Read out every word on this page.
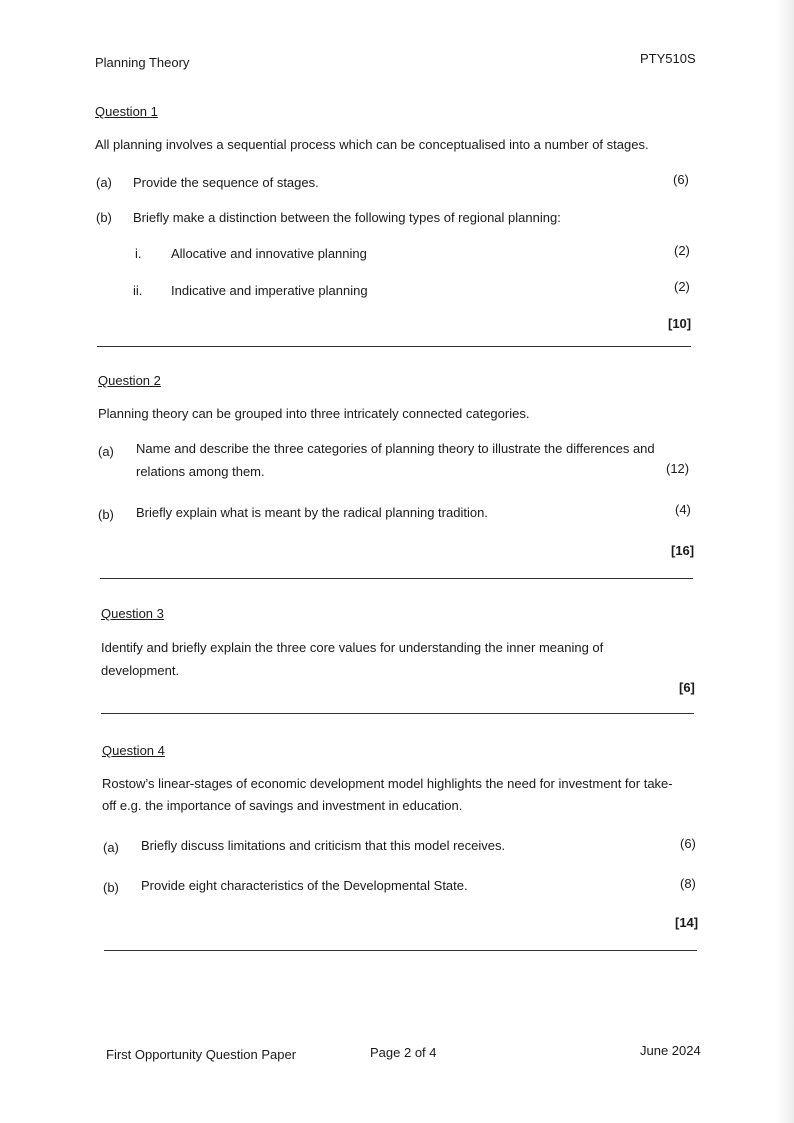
Planning Theory	PTY510S
Question 1
All planning involves a sequential process which can be conceptualised into a number of stages.
(a) Provide the sequence of stages.	(6)
(b) Briefly make a distinction between the following types of regional planning:
i. Allocative and innovative planning	(2)
ii. Indicative and imperative planning	(2)
[10]
Question 2
Planning theory can be grouped into three intricately connected categories.
(a) Name and describe the three categories of planning theory to illustrate the differences and
relations among them.	(12)
(b) Briefly explain what is meant by the radical planning tradition.	(4)
[16]
Question 3
Identify and briefly explain the three core values for understanding the inner meaning of
development.
[6]
Question 4
Rostow’s linear-stages of economic development model highlights the need for investment for take-
off e.g. the importance of savings and investment in education.
(a) Briefly discuss limitations and criticism that this model receives.	(6)
(b) Provide eight characteristics of the Developmental State.	(8)
[14]
First Opportunity Question Paper	Page 2 of 4	June 2024
